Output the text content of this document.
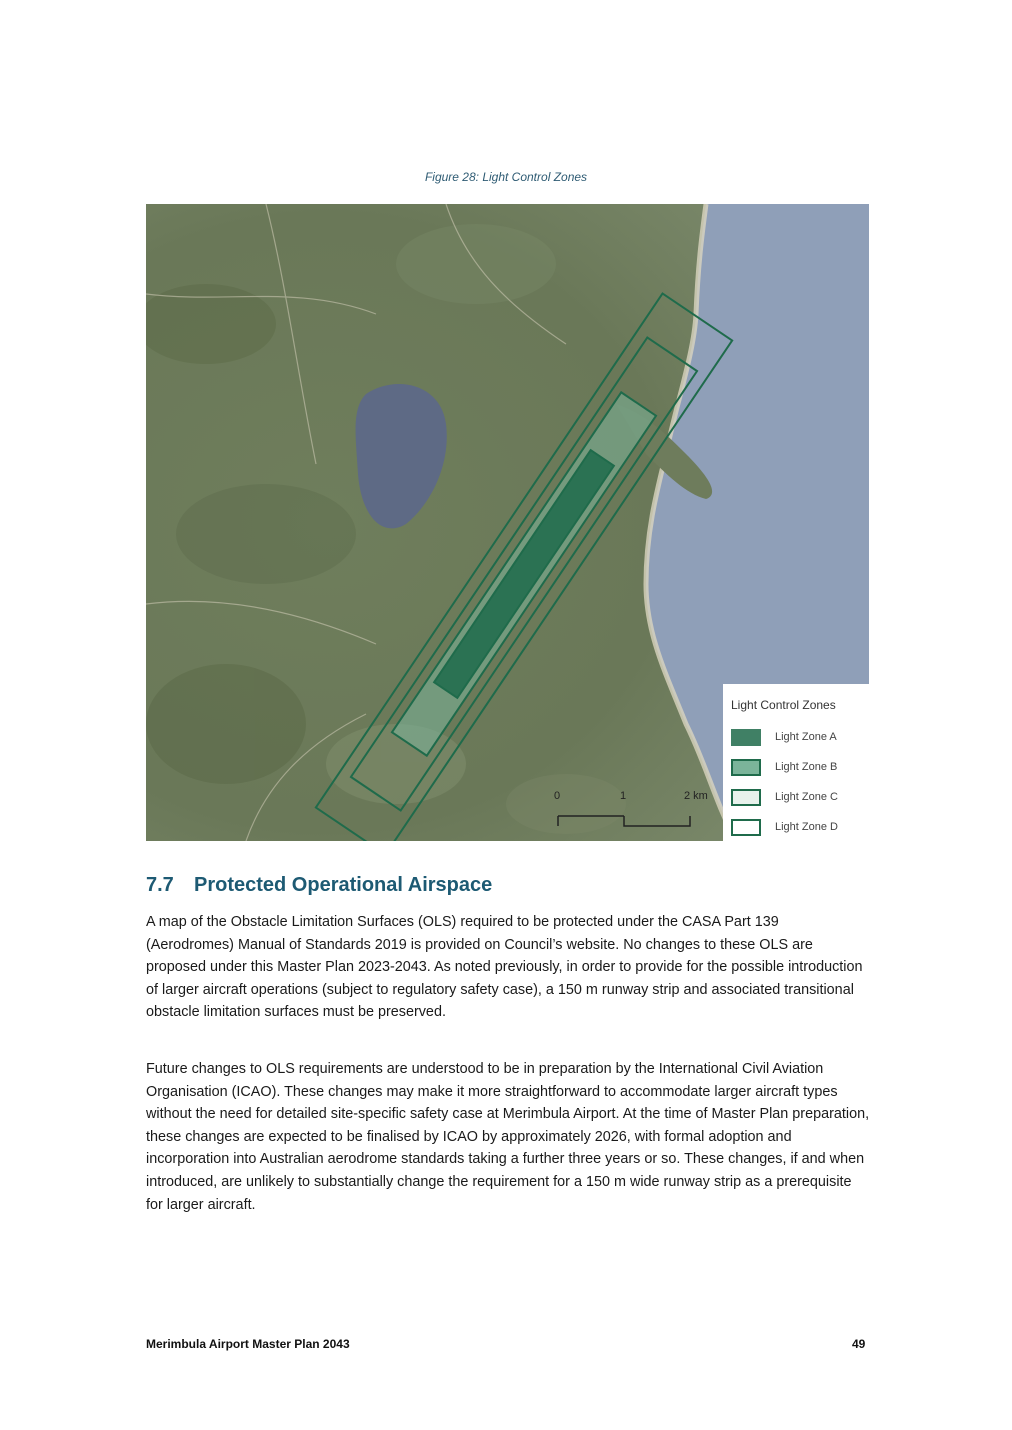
Figure 28: Light Control Zones
0	1	2 km
Light Control Zones
Light Zone A
Light Zone B
Light Zone C
Light Zone D
7.7 Protected Operational Airspace

A map of the Obstacle Limitation Surfaces (OLS) required to be protected under the CASA Part 139 (Aerodromes) Manual of Standards 2019 is provided on Council’s website. No changes to these OLS are proposed under this Master Plan 2023-2043. As noted previously, in order to provide for the possible introduction of larger aircraft operations (subject to regulatory safety case), a 150 m runway strip and associated transitional obstacle limitation surfaces must be preserved.

Future changes to OLS requirements are understood to be in preparation by the International Civil Aviation Organisation (ICAO). These changes may make it more straightforward to accommodate larger aircraft types without the need for detailed site-specific safety case at Merimbula Airport. At the time of Master Plan preparation, these changes are expected to be finalised by ICAO by approximately 2026, with formal adoption and incorporation into Australian aerodrome standards taking a further three years or so. These changes, if and when introduced, are unlikely to substantially change the requirement for a 150 m wide runway strip as a prerequisite for larger aircraft.

Merimbula Airport Master Plan 2043	49
